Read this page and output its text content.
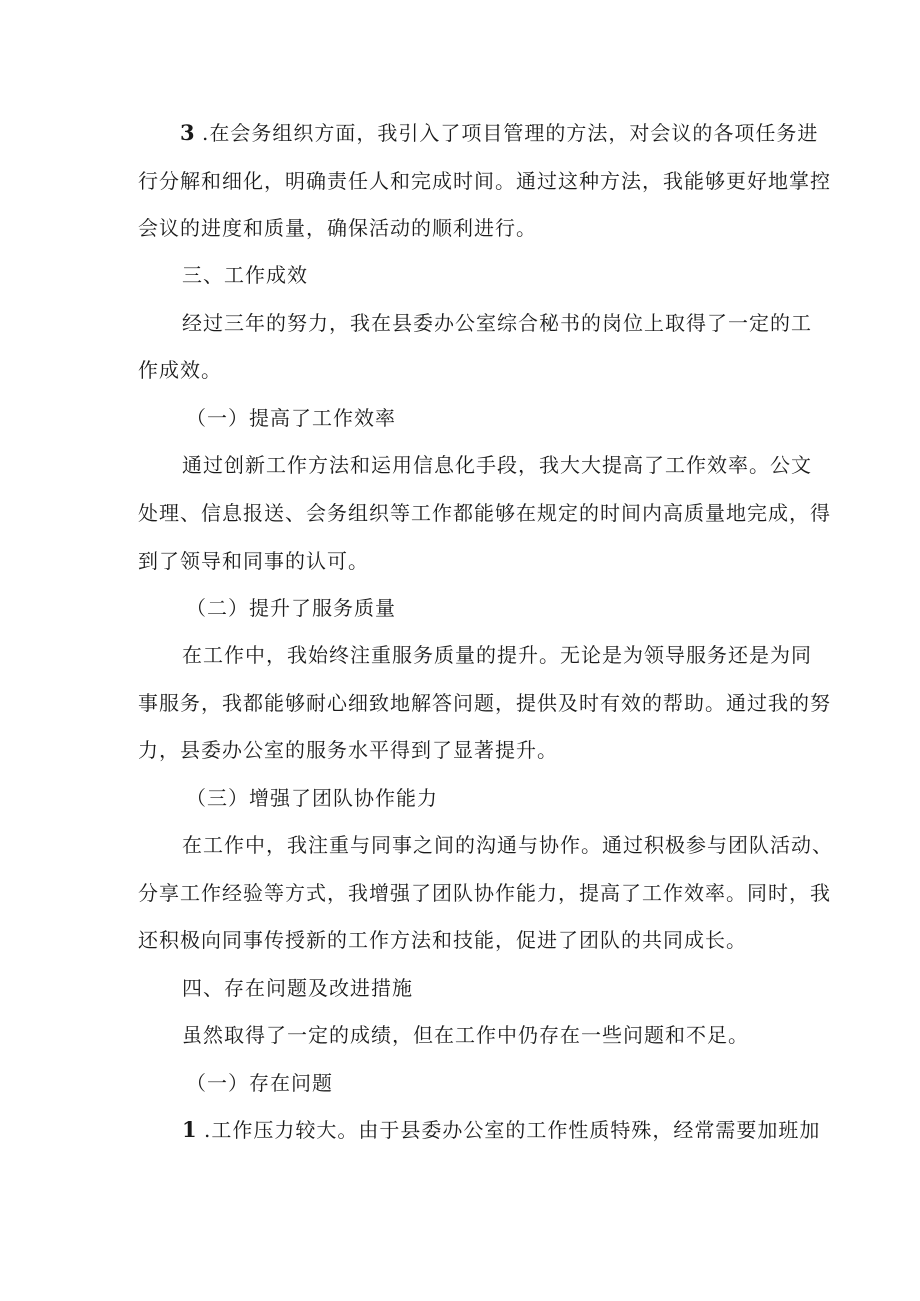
3 .在会务组织方面，我引入了项目管理的方法，对会议的各项任务进
行分解和细化，明确责任人和完成时间。通过这种方法，我能够更好地掌控
会议的进度和质量，确保活动的顺利进行。
三、工作成效
经过三年的努力，我在县委办公室综合秘书的岗位上取得了一定的工
作成效。
（一）提高了工作效率
通过创新工作方法和运用信息化手段，我大大提高了工作效率。公文
处理、信息报送、会务组织等工作都能够在规定的时间内高质量地完成，得
到了领导和同事的认可。
（二）提升了服务质量
在工作中，我始终注重服务质量的提升。无论是为领导服务还是为同
事服务，我都能够耐心细致地解答问题，提供及时有效的帮助。通过我的努
力，县委办公室的服务水平得到了显著提升。
（三）增强了团队协作能力
在工作中，我注重与同事之间的沟通与协作。通过积极参与团队活动、
分享工作经验等方式，我增强了团队协作能力，提高了工作效率。同时，我
还积极向同事传授新的工作方法和技能，促进了团队的共同成长。
四、存在问题及改进措施
虽然取得了一定的成绩，但在工作中仍存在一些问题和不足。
（一）存在问题
1 .工作压力较大。由于县委办公室的工作性质特殊，经常需要加班加
